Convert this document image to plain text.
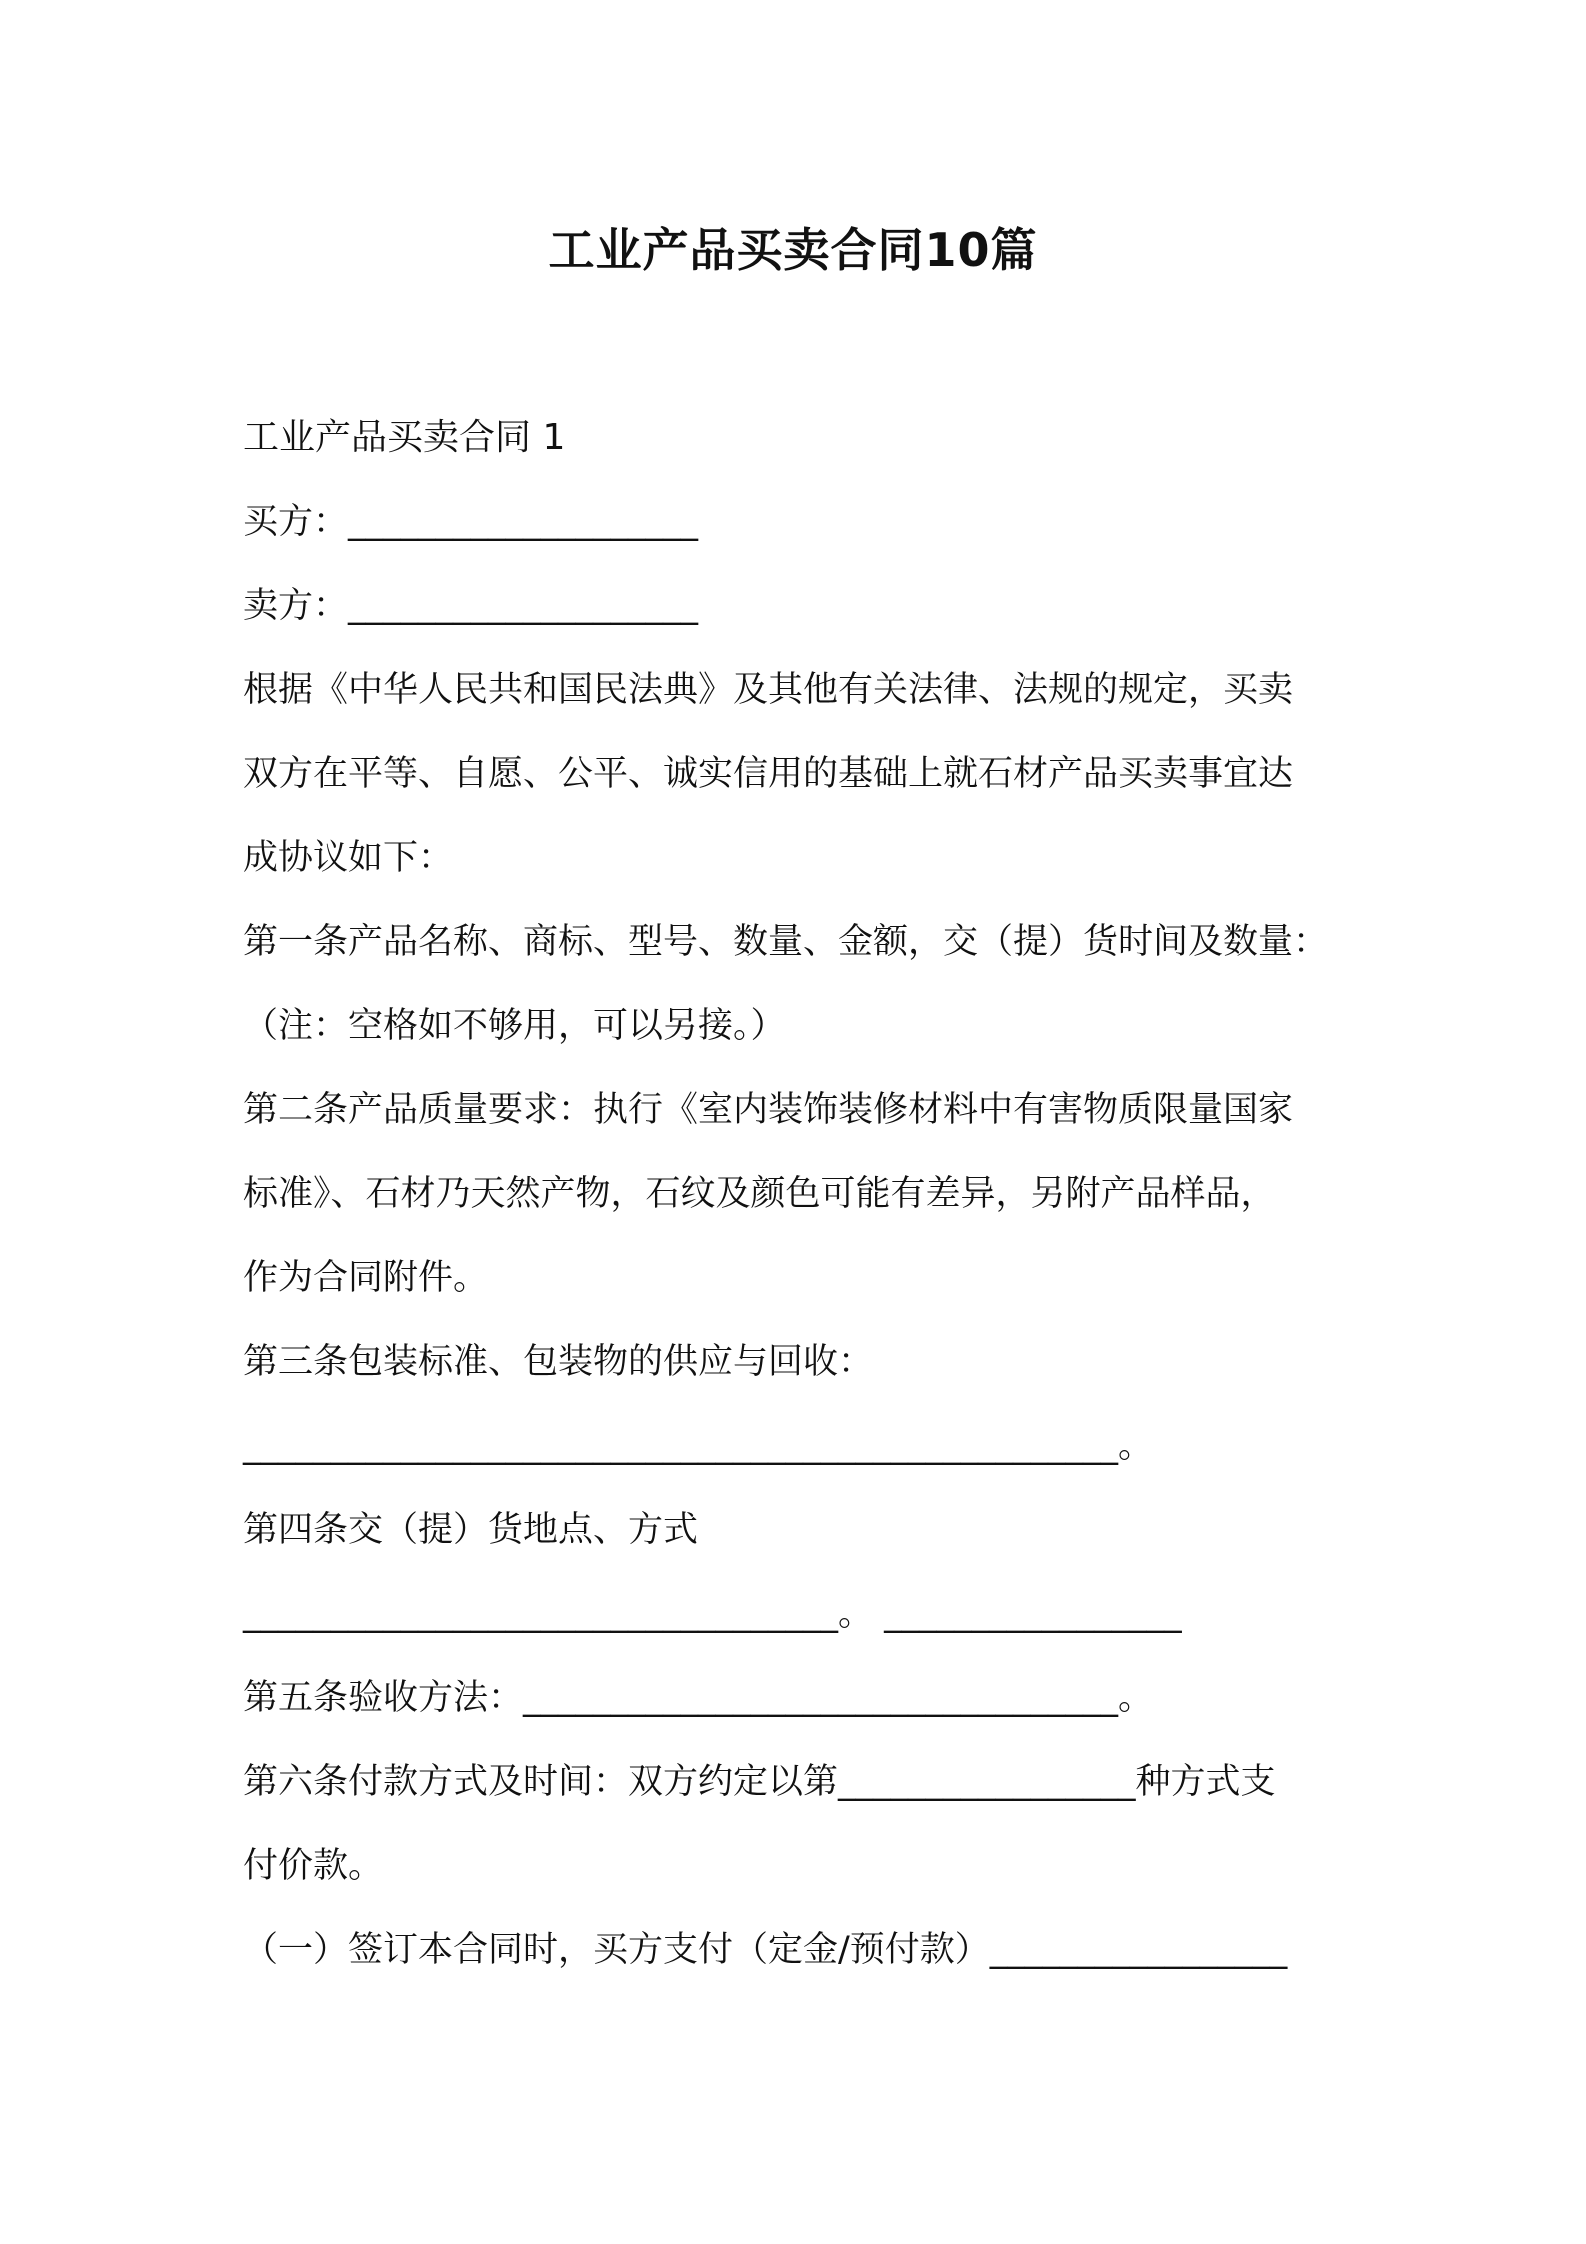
工业产品买卖合同10篇

工业产品买卖合同 1

买方：____________________

卖方：____________________

根据《中华人民共和国民法典》及其他有关法律、法规的规定，买卖

双方在平等、自愿、公平、诚实信用的基础上就石材产品买卖事宜达

成协议如下：

第一条产品名称、商标、型号、数量、金额，交（提）货时间及数量：

（注：空格如不够用，可以另接。）

第二条产品质量要求：执行《室内装饰装修材料中有害物质限量国家

标准》、石材乃天然产物，石纹及颜色可能有差异，另附产品样品，

作为合同附件。

第三条包装标准、包装物的供应与回收：

__________________________________________________。

第四条交（提）货地点、方式

__________________________________。 _________________

第五条验收方法：__________________________________。

第六条付款方式及时间：双方约定以第_________________种方式支

付价款。

（一）签订本合同时，买方支付（定金/预付款）_________________
